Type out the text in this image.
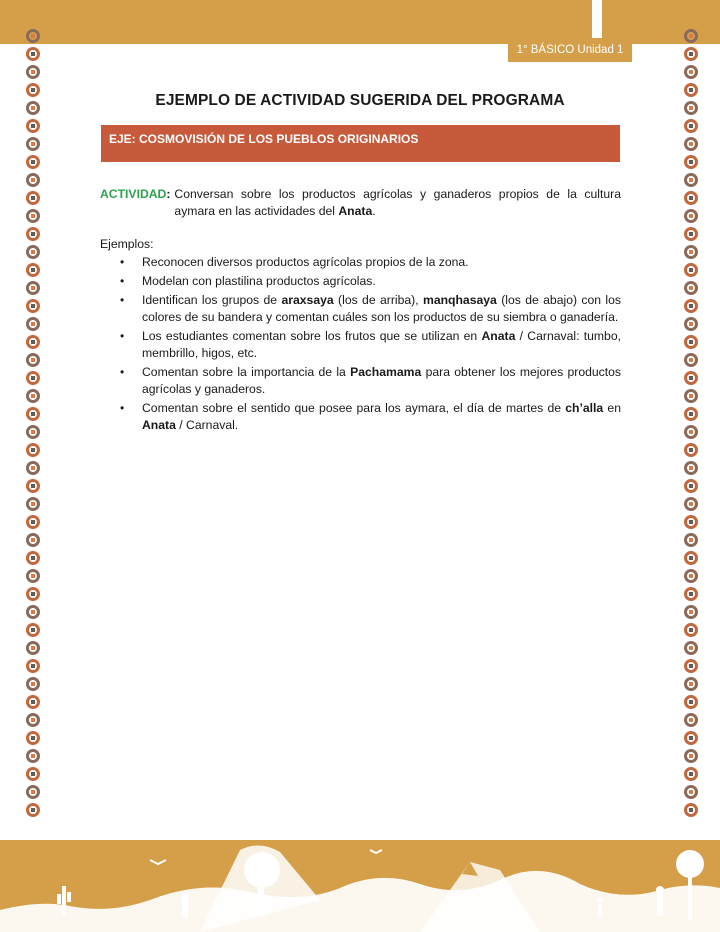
1° BÁSICO Unidad 1
EJEMPLO DE ACTIVIDAD SUGERIDA DEL PROGRAMA
EJE: COSMOVISIÓN DE LOS PUEBLOS ORIGINARIOS
ACTIVIDAD: Conversan sobre los productos agrícolas y ganaderos propios de la cultura aymara en las actividades del Anata.
Ejemplos:
• Reconocen diversos productos agrícolas propios de la zona.
• Modelan con plastilina productos agrícolas.
• Identifican los grupos de araxsaya (los de arriba), manqhasaya (los de abajo) con los colores de su bandera y comentan cuáles son los productos de su siembra o ganadería.
• Los estudiantes comentan sobre los frutos que se utilizan en Anata / Carnaval: tumbo, membrillo, higos, etc.
• Comentan sobre la importancia de la Pachamama para obtener los mejores productos agrícolas y ganaderos.
• Comentan sobre el sentido que posee para los aymara, el día de martes de ch’alla en Anata / Carnaval.
